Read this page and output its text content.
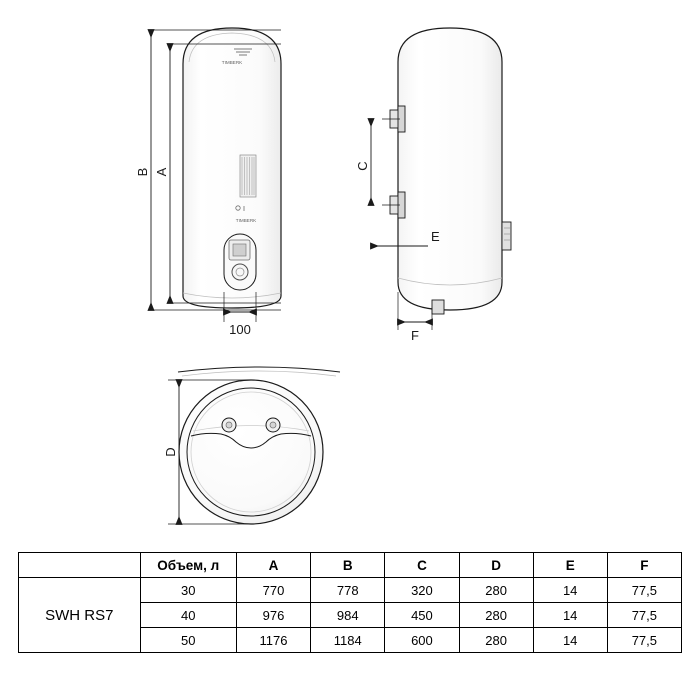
TIMBERK
TIMBERK
B A
100
C
E
F
D
	Объем, л	A	B	C	D	E	F
SWH RS7	30	770	778	320	280	14	77,5
	40	976	984	450	280	14	77,5
	50	1176	1184	600	280	14	77,5
